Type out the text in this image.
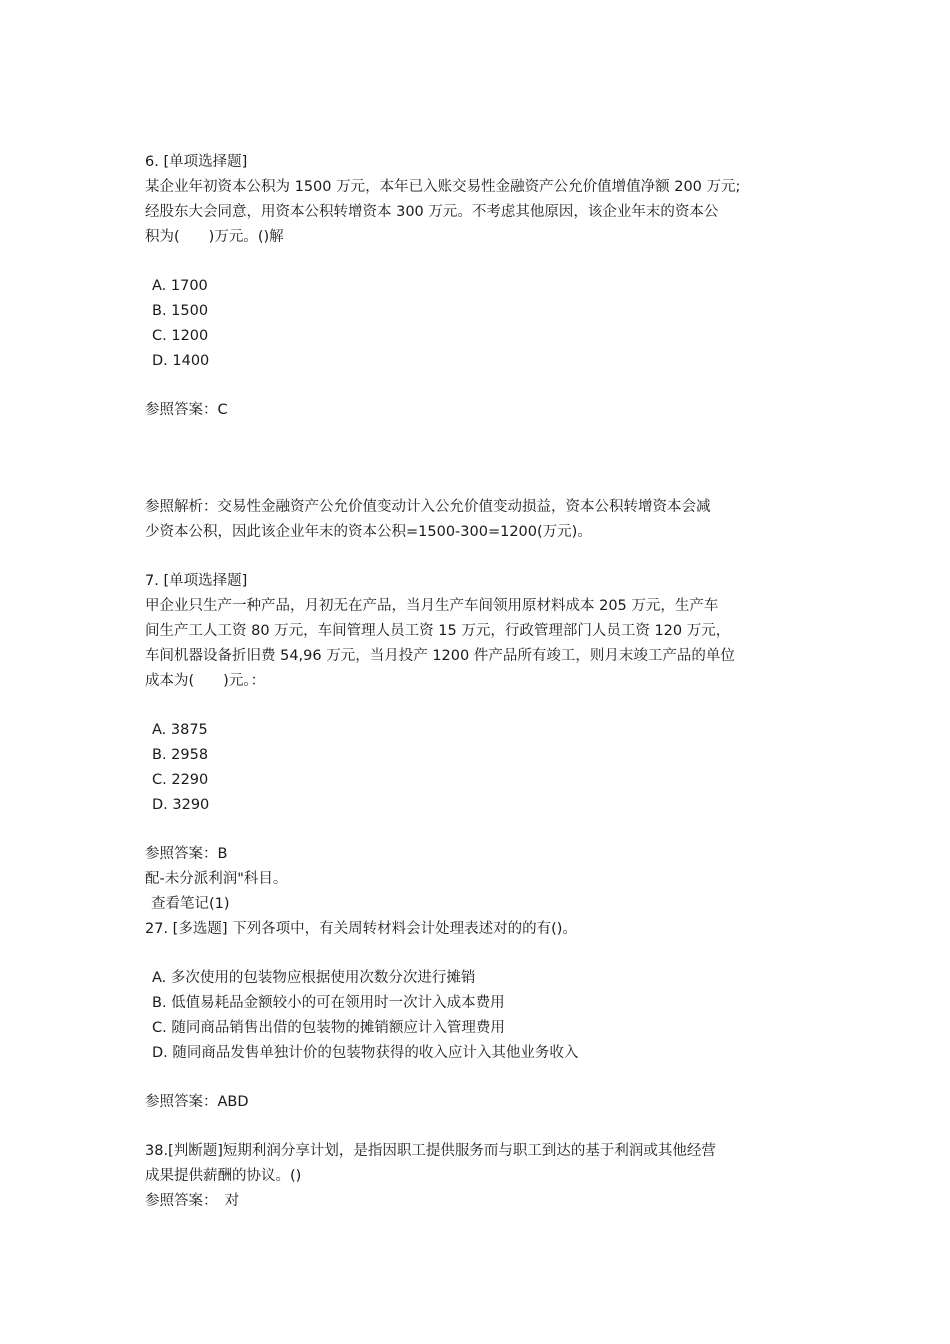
6. [单项选择题]
某企业年初资本公积为 1500 万元，本年已入账交易性金融资产公允价值增值净额 200 万元;
经股东大会同意，用资本公积转增资本 300 万元。不考虑其他原因，该企业年末的资本公
积为(　　)万元。()解
A. 1700
B. 1500
C. 1200
D. 1400
参照答案：C
参照解析：交易性金融资产公允价值变动计入公允价值变动损益，资本公积转增资本会减
少资本公积，因此该企业年末的资本公积=1500-300=1200(万元)。
7. [单项选择题]
甲企业只生产一种产品，月初无在产品，当月生产车间领用原材料成本 205 万元，生产车
间生产工人工资 80 万元，车间管理人员工资 15 万元，行政管理部门人员工资 120 万元，
车间机器设备折旧费 54,96 万元，当月投产 1200 件产品所有竣工，则月末竣工产品的单位
成本为(　　)元。：
A. 3875
B. 2958
C. 2290
D. 3290
参照答案：B
配-未分派利润"科目。
查看笔记(1)
27. [多选题] 下列各项中，有关周转材料会计处理表述对的的有()。
A. 多次使用的包装物应根据使用次数分次进行摊销
B. 低值易耗品金额较小的可在领用时一次计入成本费用
C. 随同商品销售出借的包装物的摊销额应计入管理费用
D. 随同商品发售单独计价的包装物获得的收入应计入其他业务收入
参照答案：ABD
38.[判断题]短期利润分享计划，是指因职工提供服务而与职工到达的基于利润或其他经营
成果提供薪酬的协议。()
参照答案：　对
